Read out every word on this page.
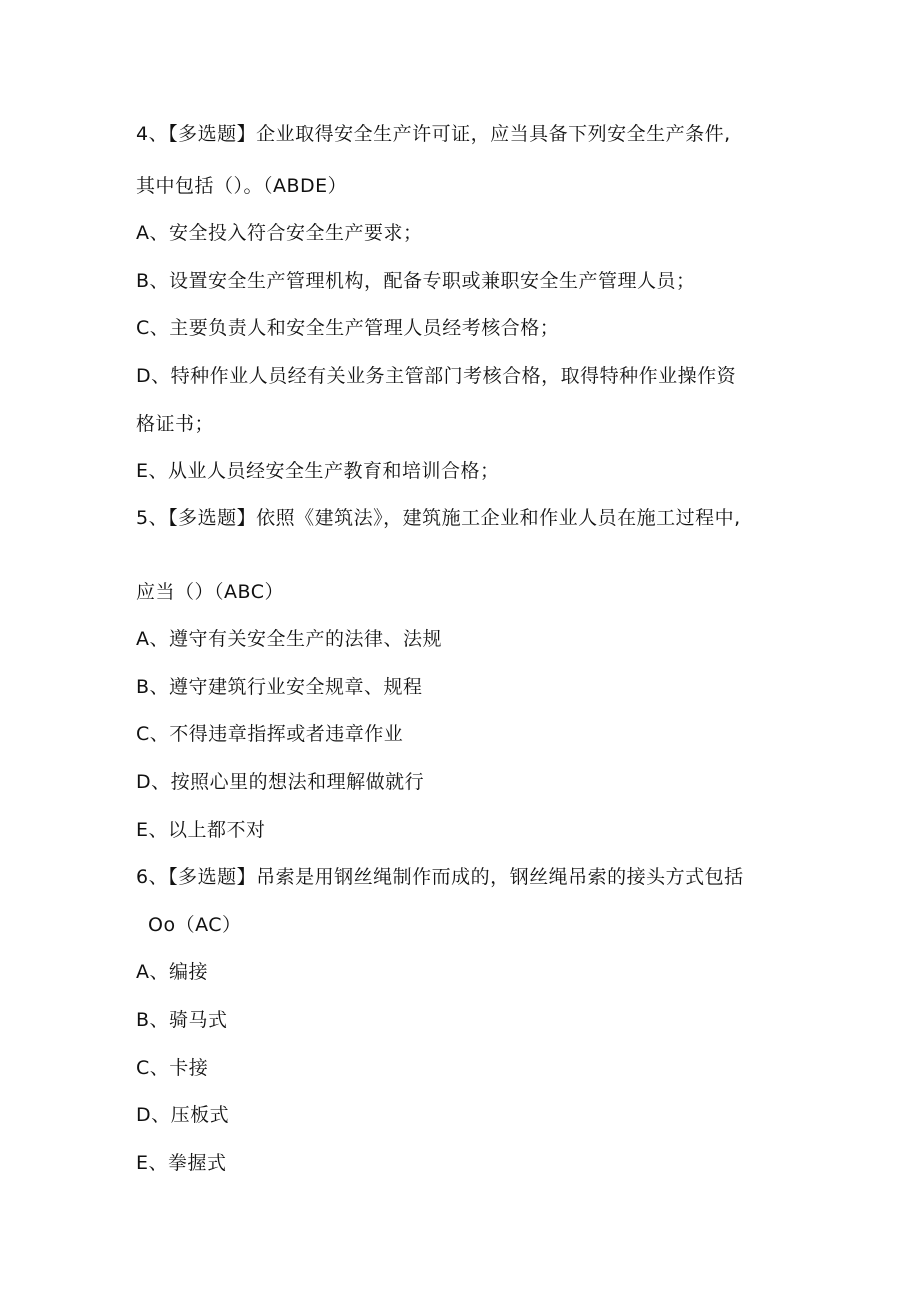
4、【多选题】企业取得安全生产许可证，应当具备下列安全生产条件,
其中包括（）。（ABDE）
A、安全投入符合安全生产要求；
B、设置安全生产管理机构，配备专职或兼职安全生产管理人员；
C、主要负责人和安全生产管理人员经考核合格；
D、特种作业人员经有关业务主管部门考核合格，取得特种作业操作资
格证书；
E、从业人员经安全生产教育和培训合格；
5、【多选题】依照《建筑法》，建筑施工企业和作业人员在施工过程中,
应当（）（ABC）
A、遵守有关安全生产的法律、法规
B、遵守建筑行业安全规章、规程
C、不得违章指挥或者违章作业
D、按照心里的想法和理解做就行
E、以上都不对
6、【多选题】吊索是用钢丝绳制作而成的，钢丝绳吊索的接头方式包括
Oo（AC）
A、编接
B、骑马式
C、卡接
D、压板式
E、拳握式
